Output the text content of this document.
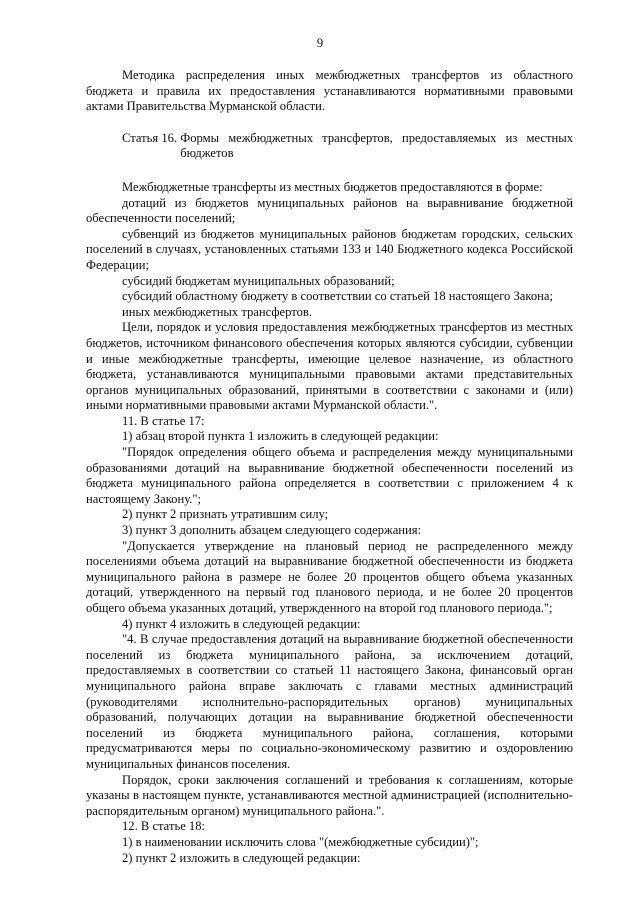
9

Методика распределения иных межбюджетных трансфертов из областного бюджета и правила их предоставления устанавливаются нормативными правовыми актами Правительства Мурманской области.

Статья 16.
Формы межбюджетных трансфертов, предоставляемых из местных бюджетов

Межбюджетные трансферты из местных бюджетов предоставляются в форме:

дотаций из бюджетов муниципальных районов на выравнивание бюджетной обеспеченности поселений;

субвенций из бюджетов муниципальных районов бюджетам городских, сельских поселений в случаях, установленных статьями 133 и 140 Бюджетного кодекса Российской Федерации;

субсидий бюджетам муниципальных образований;

субсидий областному бюджету в соответствии со статьей 18 настоящего Закона;

иных межбюджетных трансфертов.

Цели, порядок и условия предоставления межбюджетных трансфертов из местных бюджетов, источником финансового обеспечения которых являются субсидии, субвенции и иные межбюджетные трансферты, имеющие целевое назначение, из областного бюджета, устанавливаются муниципальными правовыми актами представительных органов муниципальных образований, принятыми в соответствии с законами и (или) иными нормативными правовыми актами Мурманской области.".

11. В статье 17:

1) абзац второй пункта 1 изложить в следующей редакции:

"Порядок определения общего объема и распределения между муниципальными образованиями дотаций на выравнивание бюджетной обеспеченности поселений из бюджета муниципального района определяется в соответствии с приложением 4 к настоящему Закону.";

2) пункт 2 признать утратившим силу;

3) пункт 3 дополнить абзацем следующего содержания:

"Допускается утверждение на плановый период не распределенного между поселениями объема дотаций на выравнивание бюджетной обеспеченности из бюджета муниципального района в размере не более 20 процентов общего объема указанных дотаций, утвержденного на первый год планового периода, и не более 20 процентов общего объема указанных дотаций, утвержденного на второй год планового периода.";

4) пункт 4 изложить в следующей редакции:

"4. В случае предоставления дотаций на выравнивание бюджетной обеспеченности поселений из бюджета муниципального района, за исключением дотаций, предоставляемых в соответствии со статьей 11 настоящего Закона, финансовый орган муниципального района вправе заключать с главами местных администраций (руководителями исполнительно-распорядительных органов) муниципальных образований, получающих дотации на выравнивание бюджетной обеспеченности поселений из бюджета муниципального района, соглашения, которыми предусматриваются меры по социально-экономическому развитию и оздоровлению муниципальных финансов поселения.

Порядок, сроки заключения соглашений и требования к соглашениям, которые указаны в настоящем пункте, устанавливаются местной администрацией (исполнительно-распорядительным органом) муниципального района.".

12. В статье 18:

1) в наименовании исключить слова "(межбюджетные субсидии)";

2) пункт 2 изложить в следующей редакции:
